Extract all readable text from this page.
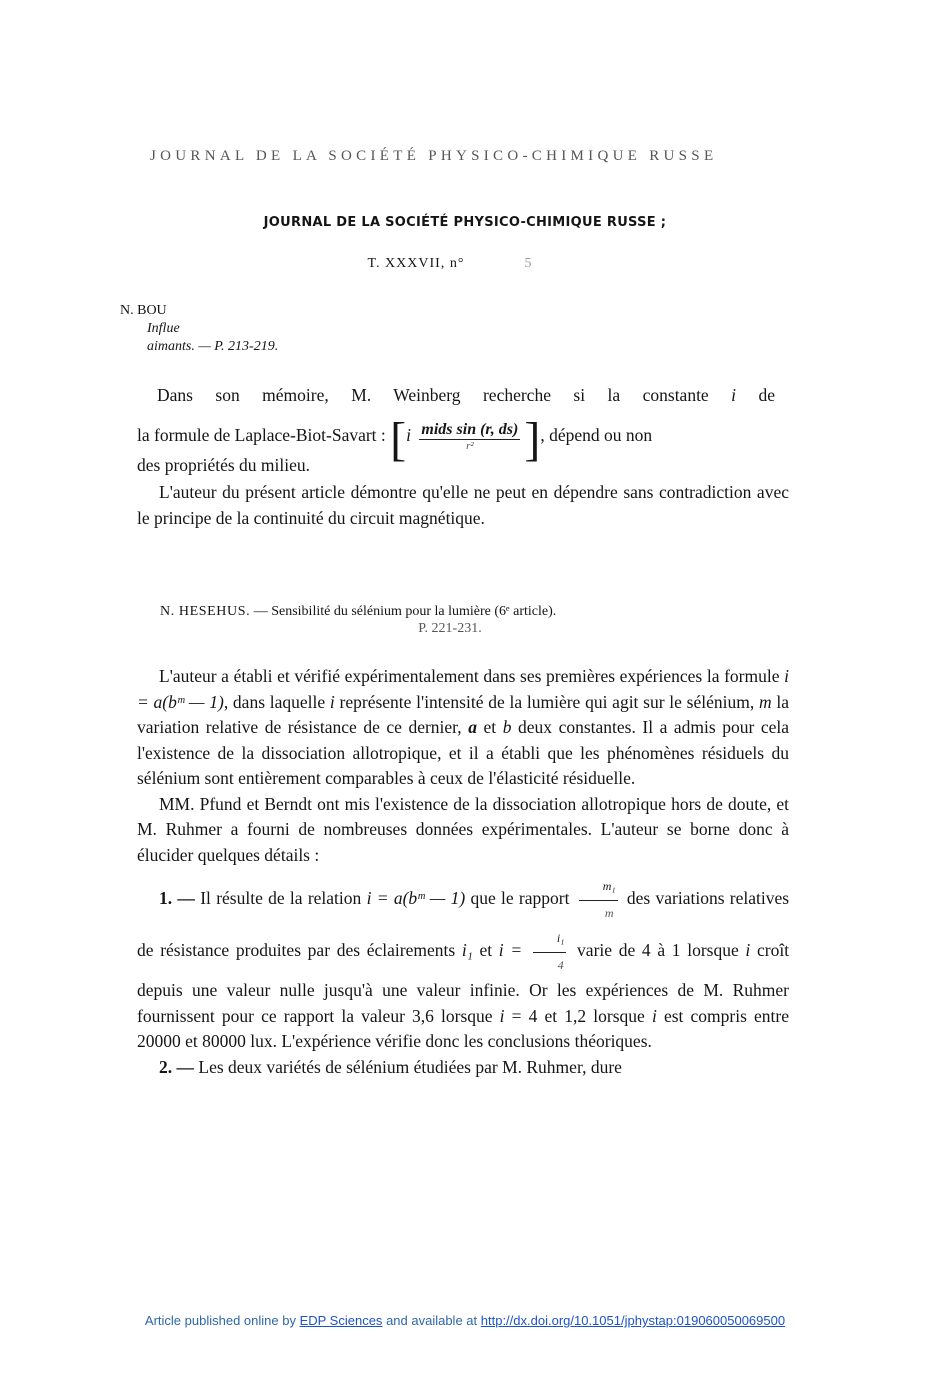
JOURNAL DE LA SOCIÉTÉ PHYSICO-CHIMIQUE RUSSE
JOURNAL DE LA SOCIÉTÉ PHYSICO-CHIMIQUE RUSSE ;
T. XXXVII, n°	5
N. BOU
Influe
aimants. — P. 213-219.
Dans son mémoire, M. Weinberg recherche si la constante i de
la formule de Laplace-Biot-Savart : [$i \frac{\text{mids sin (r, ds)}}{\text{r²}}$ ], dépend ou non
des propriétés du milieu.

L'auteur du présent article démontre qu'elle ne peut en dépendre sans contradiction avec le principe de la continuité du circuit magnétique.

N. HESEHUS. — Sensibilité du sélénium pour la lumière (6ᵉ article).
P. 221-231.

L'auteur a établi et vérifié expérimentalement dans ses premières expériences la formule i = a(bᵐ — 1), dans laquelle i représente l'intensité de la lumière qui agit sur le sélénium, m la variation relative de résistance de ce dernier, a et b deux constantes. Il a admis pour cela l'existence de la dissociation allotropique, et il a établi que les phénomènes résiduels du sélénium sont entièrement comparables à ceux de l'élasticité résiduelle.

MM. Pfund et Berndt ont mis l'existence de la dissociation allotropique hors de doute, et M. Ruhmer a fourni de nombreuses données expérimentales. L'auteur se borne donc à élucider quelques détails :

1. — Il résulte de la relation i = a(bᵐ — 1) que le rapport $\frac{\text{m₁}}{m}$ des variations relatives de résistance produites par des éclairements i₁ et $i = \frac{\text{i₁}}{4}$ varie de 4 à 1 lorsque i croît depuis une valeur nulle jusqu'à une valeur infinie. Or les expériences de M. Ruhmer fournissent pour ce rapport la valeur 3,6 lorsque i = 4 et 1,2 lorsque i est compris entre 20000 et 80000 lux. L'expérience vérifie donc les conclusions théoriques.

2. — Les deux variétés de sélénium étudiées par M. Ruhmer, dure

Article published online by EDP Sciences and available at http://dx.doi.org/10.1051/jphystap:019060050069500
